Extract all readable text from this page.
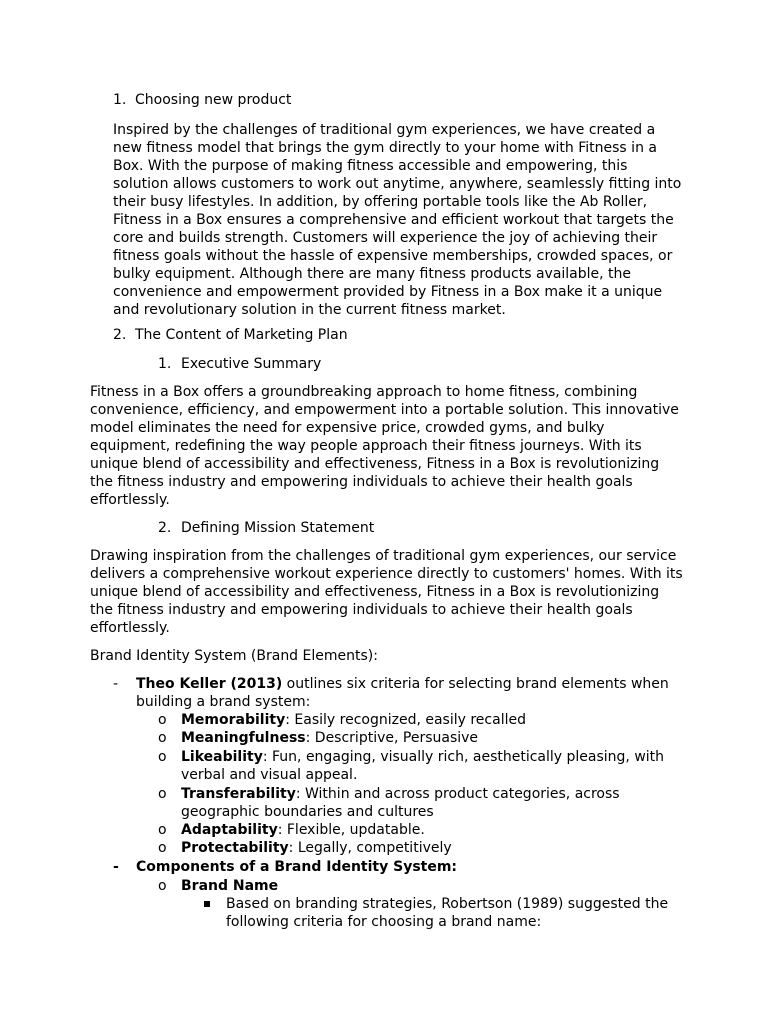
1. Choosing new product
Inspired by the challenges of traditional gym experiences, we have created a
new fitness model that brings the gym directly to your home with Fitness in a
Box. With the purpose of making fitness accessible and empowering, this
solution allows customers to work out anytime, anywhere, seamlessly fitting into
their busy lifestyles. In addition, by offering portable tools like the Ab Roller,
Fitness in a Box ensures a comprehensive and efficient workout that targets the
core and builds strength. Customers will experience the joy of achieving their
fitness goals without the hassle of expensive memberships, crowded spaces, or
bulky equipment. Although there are many fitness products available, the
convenience and empowerment provided by Fitness in a Box make it a unique
and revolutionary solution in the current fitness market.
2. The Content of Marketing Plan
1. Executive Summary
Fitness in a Box offers a groundbreaking approach to home fitness, combining
convenience, efficiency, and empowerment into a portable solution. This innovative
model eliminates the need for expensive price, crowded gyms, and bulky
equipment, redefining the way people approach their fitness journeys. With its
unique blend of accessibility and effectiveness, Fitness in a Box is revolutionizing
the fitness industry and empowering individuals to achieve their health goals
effortlessly.
2. Defining Mission Statement
Drawing inspiration from the challenges of traditional gym experiences, our service
delivers a comprehensive workout experience directly to customers' homes. With its
unique blend of accessibility and effectiveness, Fitness in a Box is revolutionizing
the fitness industry and empowering individuals to achieve their health goals
effortlessly.
Brand Identity System (Brand Elements):
- Theo Keller (2013) outlines six criteria for selecting brand elements when
building a brand system:
o Memorability: Easily recognized, easily recalled
o Meaningfulness: Descriptive, Persuasive
o Likeability: Fun, engaging, visually rich, aesthetically pleasing, with
verbal and visual appeal.
o Transferability: Within and across product categories, across
geographic boundaries and cultures
o Adaptability: Flexible, updatable.
o Protectability: Legally, competitively
- Components of a Brand Identity System:
o Brand Name
Based on branding strategies, Robertson (1989) suggested the
following criteria for choosing a brand name:
